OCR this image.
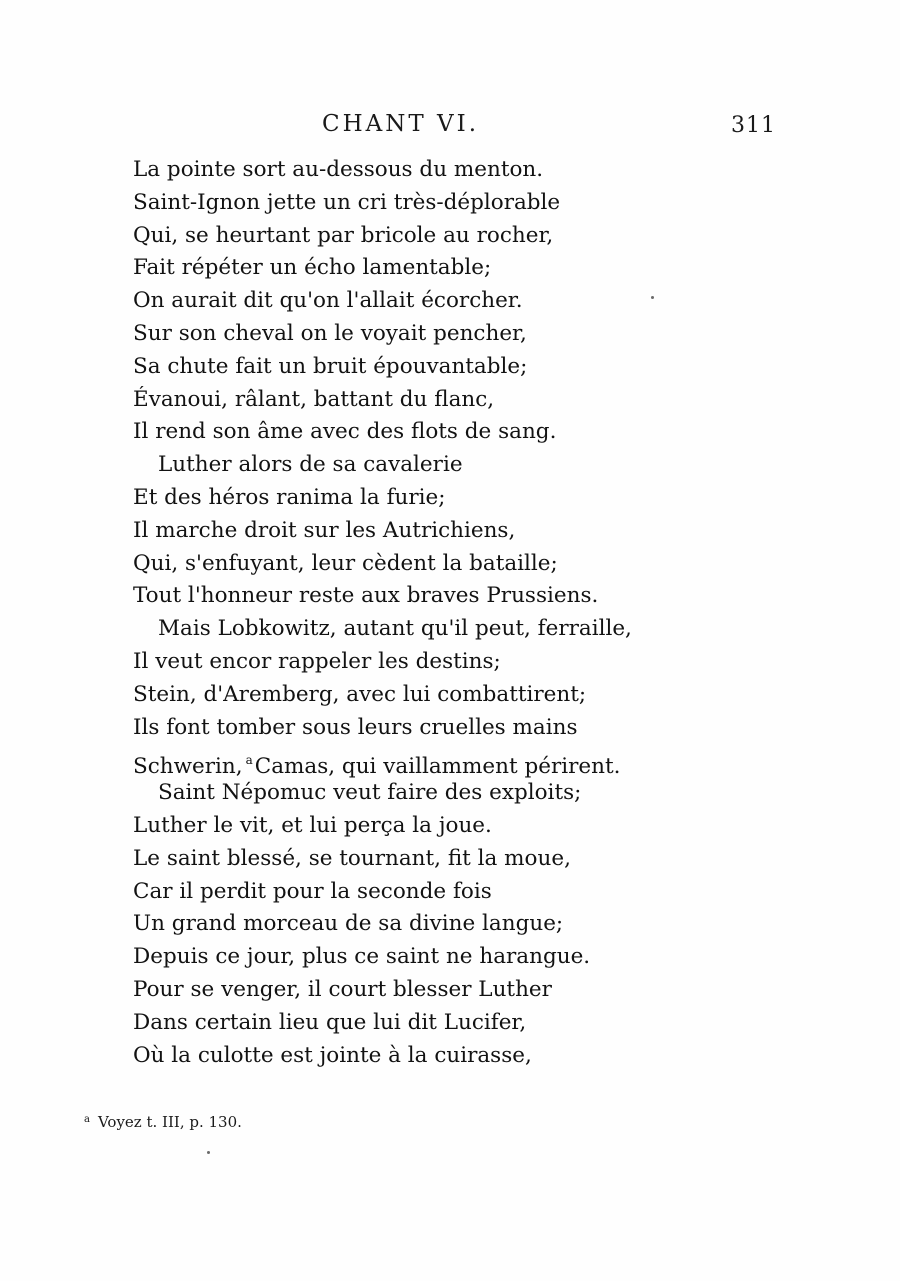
CHANT VI.	311
La pointe sort au-dessous du menton.
Saint-Ignon jette un cri très-déplorable
Qui, se heurtant par bricole au rocher,
Fait répéter un écho lamentable;
On aurait dit qu'on l'allait écorcher.
Sur son cheval on le voyait pencher,
Sa chute fait un bruit épouvantable;
Évanoui, râlant, battant du flanc,
Il rend son âme avec des flots de sang.
Luther alors de sa cavalerie
Et des héros ranima la furie;
Il marche droit sur les Autrichiens,
Qui, s'enfuyant, leur cèdent la bataille;
Tout l'honneur reste aux braves Prussiens.
Mais Lobkowitz, autant qu'il peut, ferraille,
Il veut encor rappeler les destins;
Stein, d'Aremberg, avec lui combattirent;
Ils font tomber sous leurs cruelles mains
Schwerin, $^a$Camas, qui vaillamment périrent.
Saint Népomuc veut faire des exploits;
Luther le vit, et lui perça la joue.
Le saint blessé, se tournant, fit la moue,
Car il perdit pour la seconde fois
Un grand morceau de sa divine langue;
Depuis ce jour, plus ce saint ne harangue.
Pour se venger, il court blesser Luther
Dans certain lieu que lui dit Lucifer,
Où la culotte est jointe à la cuirasse,
$^a$ Voyez t. III, p. 130.
